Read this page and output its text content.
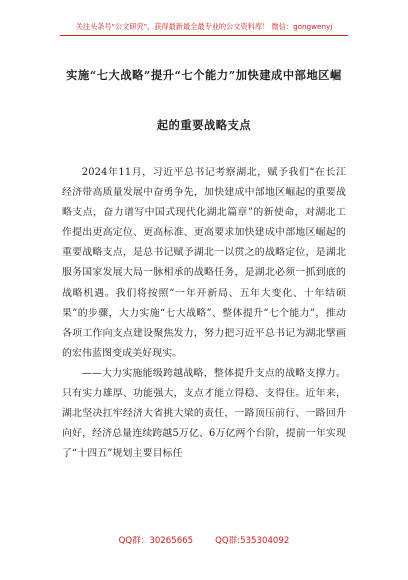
关注头条号"公文研究"，获得最新最全最专业的公文资料库！ 微信：gongwenyj
实施“七大战略”提升“七个能力”加快建成中部地区崛
起的重要战略支点

2024年11月，习近平总书记考察湖北，赋予我们“在长江经济带高质量发展中奋勇争先，加快建成中部地区崛起的重要战略支点，奋力谱写中国式现代化湖北篇章”的新使命，对湖北工作提出更高定位、更高标准、更高要求加快建成中部地区崛起的重要战略支点，是总书记赋予湖北一以贯之的战略定位，是湖北服务国家发展大局一脉相承的战略任务，是湖北必须一抓到底的战略机遇。我们将按照“一年开新局、五年大变化、十年结硕果”的步骤，大力实施“七大战略”、整体提升“七个能力”，推动各项工作向支点建设聚焦发力，努力把习近平总书记为湖北擘画的宏伟蓝图变成美好现实。

——大力实施能级跨越战略，整体提升支点的战略支撑力。只有实力雄厚、功能强大，支点才能立得稳、支得住。近年来，湖北坚决扛牢经济大省挑大梁的责任，一路顶压前行、一路回升向好，经济总量连续跨越5万亿、6万亿两个台阶，提前一年实现了“十四五”规划主要目标任

QQ群：30265665	QQ群:535304092
